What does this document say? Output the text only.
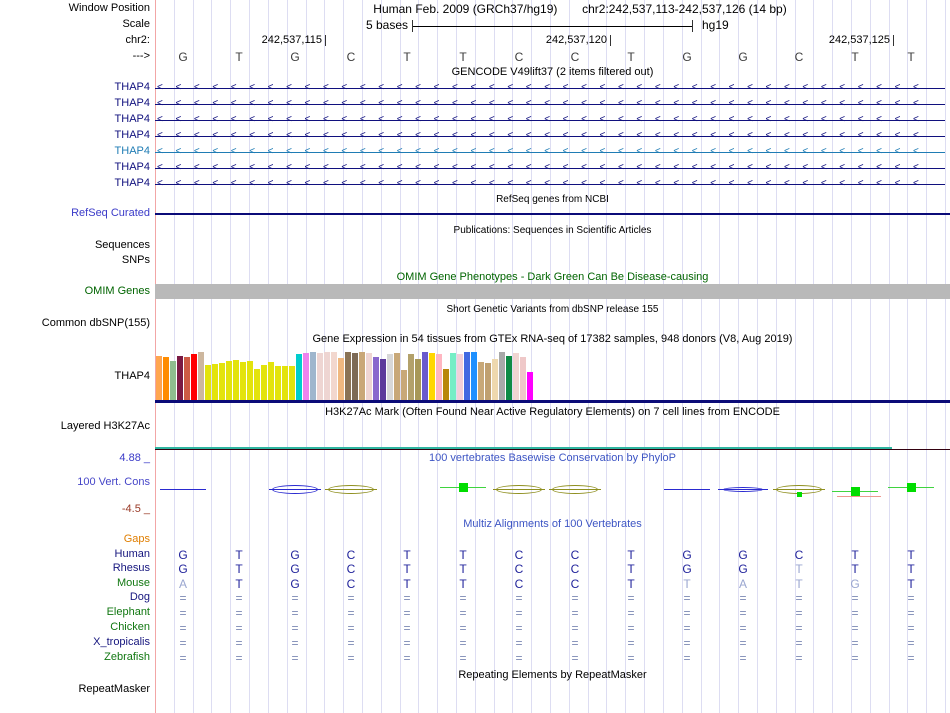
Window Position	Human Feb. 2009 (GRCh37/hg19) chr2:242,537,113-242,537,126 (14 bp)
Scale	5 bases	hg19
chr2:	242,537,115	242,537,120	242,537,125
--->	G	T	G	C	T	T	C	C	T	G	G	C	T	T
GENCODE V49lift37 (2 items filtered out)
THAP4 <<<<<<<<<<<<<<<<<<<<<<<<<<<<<<<<<<<<<<<<<<
THAP4 <<<<<<<<<<<<<<<<<<<<<<<<<<<<<<<<<<<<<<<<<<
THAP4 <<<<<<<<<<<<<<<<<<<<<<<<<<<<<<<<<<<<<<<<<<
THAP4 <<<<<<<<<<<<<<<<<<<<<<<<<<<<<<<<<<<<<<<<<<
THAP4 <<<<<<<<<<<<<<<<<<<<<<<<<<<<<<<<<<<<<<<<<<
THAP4 <<<<<<<<<<<<<<<<<<<<<<<<<<<<<<<<<<<<<<<<<<
THAP4 <<<<<<<<<<<<<<<<<<<<<<<<<<<<<<<<<<<<<<<<<<
RefSeq genes from NCBI
RefSeq Curated
Publications: Sequences in Scientific Articles
Sequences
SNPs
OMIM Gene Phenotypes - Dark Green Can Be Disease-causing
OMIM Genes
Short Genetic Variants from dbSNP release 155
Common dbSNP(155)
Gene Expression in 54 tissues from GTEx RNA-seq of 17382 samples, 948 donors (V8, Aug 2019)
THAP4
H3K27Ac Mark (Often Found Near Active Regulatory Elements) on 7 cell lines from ENCODE
Layered H3K27Ac
4.88 _	100 vertebrates Basewise Conservation by PhyloP
100 Vert. Cons
-4.5 _
Multiz Alignments of 100 Vertebrates
Gaps
Human	G	T	G	C	T	T	C	C	T	G	G	C	T	T
Rhesus	G	T	G	C	T	T	C	C	T	G	G	T	T	T
Mouse	A	T	G	C	T	T	C	C	T	T	A	T	G	T
Dog	=	=	=	=	=	=	=	=	=	=	=	=	=	=
Elephant	=	=	=	=	=	=	=	=	=	=	=	=	=	=
Chicken	=	=	=	=	=	=	=	=	=	=	=	=	=	=
X_tropicalis	=	=	=	=	=	=	=	=	=	=	=	=	=	=
Zebrafish	=	=	=	=	=	=	=	=	=	=	=	=	=	=
Repeating Elements by RepeatMasker
RepeatMasker
